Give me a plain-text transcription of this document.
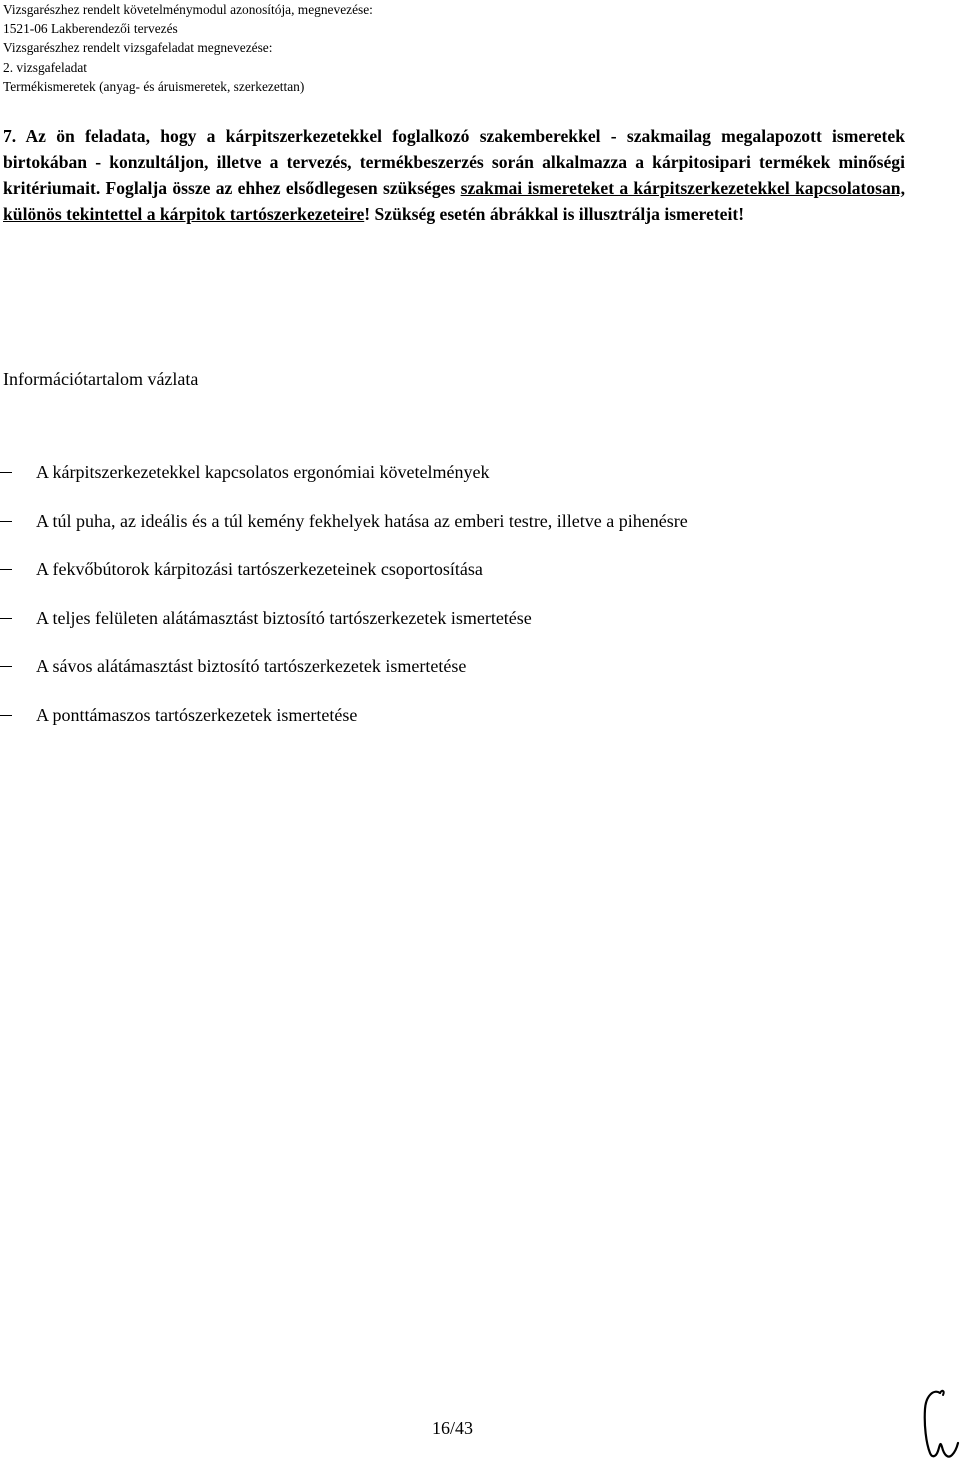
Vizsgarészhez rendelt követelménymodul azonosítója, megnevezése:
1521-06 Lakberendezői tervezés
Vizsgarészhez rendelt vizsgafeladat megnevezése:
2. vizsgafeladat
Termékismeretek (anyag- és áruismeretek, szerkezettan)
7. Az ön feladata, hogy a kárpitszerkezetekkel foglalkozó szakemberekkel - szakmailag megalapozott ismeretek birtokában - konzultáljon, illetve a tervezés, termékbeszerzés során alkalmazza a kárpitosipari termékek minőségi kritériumait. Foglalja össze az ehhez elsődlegesen szükséges szakmai ismereteket a kárpitszerkezetekkel kapcsolatosan, különös tekintettel a kárpitok tartószerkezeteire! Szükség esetén ábrákkal is illusztrálja ismereteit!
Információtartalom vázlata
A kárpitszerkezetekkel kapcsolatos ergonómiai követelmények
A túl puha, az ideális és a túl kemény fekhelyek hatása az emberi testre, illetve a pihenésre
A fekvőbútorok kárpitozási tartószerkezeteinek csoportosítása
A teljes felületen alátámasztást biztosító tartószerkezetek ismertetése
A sávos alátámasztást biztosító tartószerkezetek ismertetése
A ponttámaszos tartószerkezetek ismertetése
16/43
